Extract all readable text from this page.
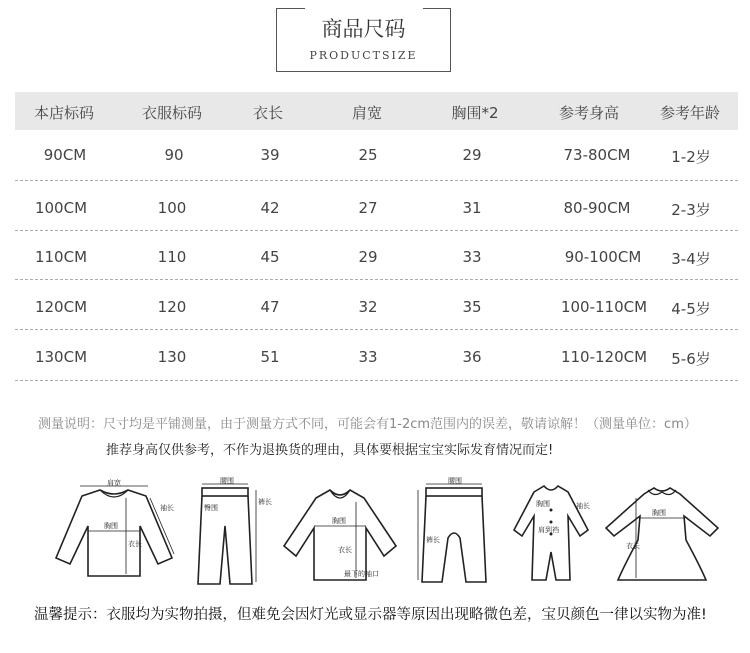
商品尺码
PRODUCTSIZE
本店标码	衣服标码	衣长	肩宽	胸围*2	参考身高	参考年龄
90CM	90	39	25	29	73-80CM	1-2岁
100CM	100	42	27	31	80-90CM	2-3岁
110CM	110	45	29	33	90-100CM	3-4岁
120CM	120	47	32	35	100-110CM	4-5岁
130CM	130	51	33	36	110-120CM	5-6岁
测量说明：尺寸均是平铺测量，由于测量方式不同，可能会有1-2cm范围内的误差，敬请谅解！（测量单位：cm）
推荐身高仅供参考，不作为退换货的理由，具体要根据宝宝实际发育情况而定!
肩宽
袖长
胸围
衣长
腰围
臀围
裤长
胸围
衣长
最下的袖口
腰围
裤长
胸围
肩到裆
袖长
胸围
衣长
温馨提示：衣服均为实物拍摄，但难免会因灯光或显示器等原因出现略微色差，宝贝颜色一律以实物为准!
